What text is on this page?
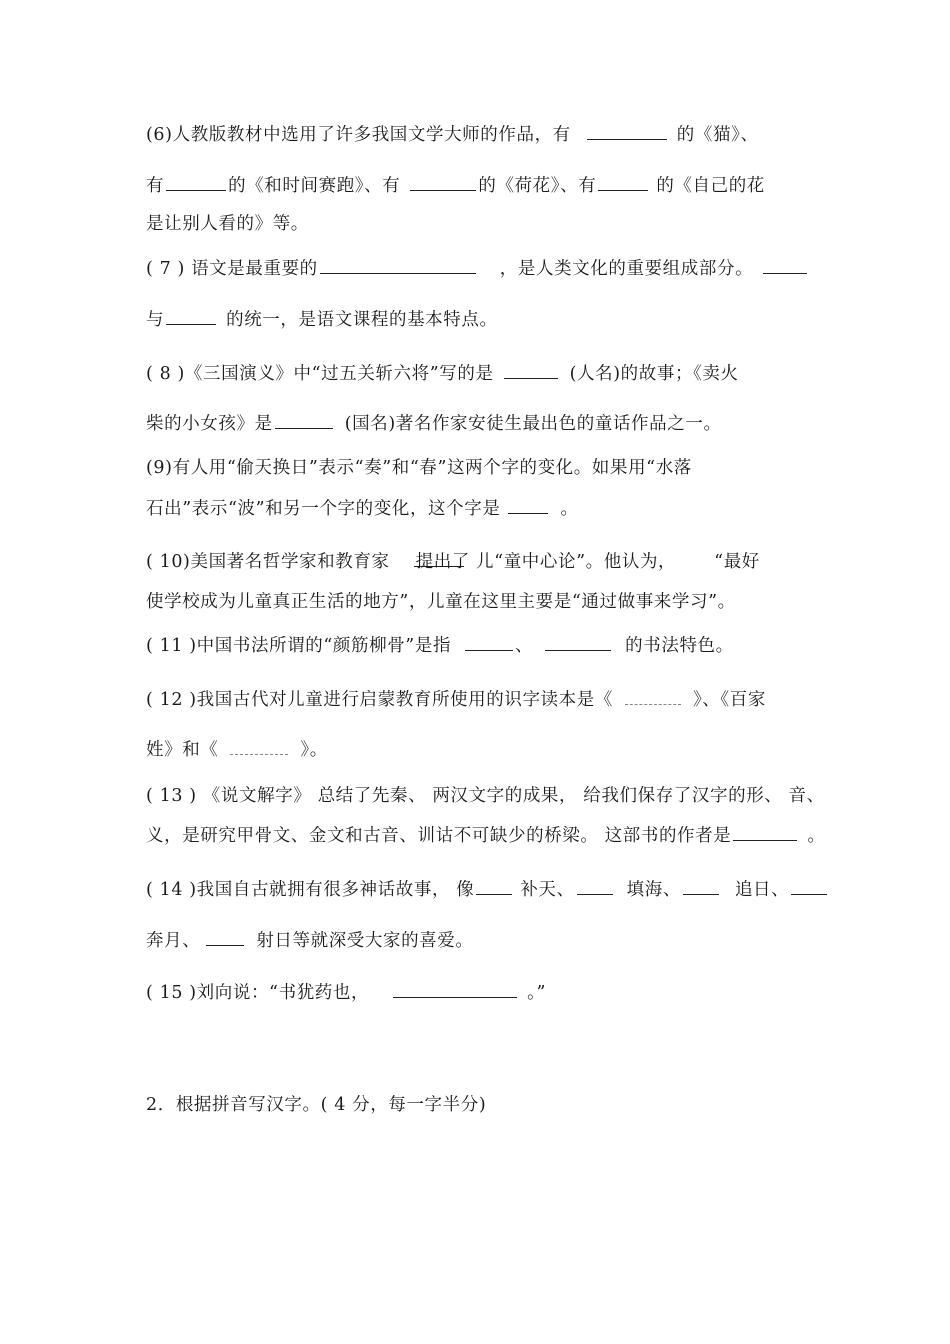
(6)人教版教材中选用了许多我国文学大师的作品，有	的《猫》、
有	的《和时间赛跑》、有	的《荷花》、有	的《自己的花
是让别人看的》等。
( 7 ) 语文是最重要的	，是人类文化的重要组成部分。
与	的统一，是语文课程的基本特点。
( 8 )《三国演义》中“过五关斩六将”写的是	(人名)的故事；《卖火
柴的小女孩》是	(国名)著名作家安徒生最出色的童话作品之一。
(9)有人用“偷天换日”表示“奏”和“春”这两个字的变化。如果用“水落
石出”表示“波”和另一个字的变化，这个字是	。
( 10)美国著名哲学家和教育家 提出了 儿“童中心论”。他认为， “最好
使学校成为儿童真正生活的地方”，儿童在这里主要是“通过做事来学习”。
( 11 )中国书法所谓的“颜筋柳骨”是指	、	的书法特色。
( 12 )我国古代对儿童进行启蒙教育所使用的识字读本是《	》、《百家
姓》和《	》。
( 13 ) 《说文解字》 总结了先秦、 两汉文字的成果， 给我们保存了汉字的形、 音、
义，是研究甲骨文、金文和古音、训诂不可缺少的桥梁。 这部书的作者是	。
( 14 )我国自古就拥有很多神话故事， 像	补天、	填海、	追日、
奔月、	射日等就深受大家的喜爱。
( 15 )刘向说：“书犹药也，	。”
2．根据拼音写汉字。( 4 分，每一字半分)
